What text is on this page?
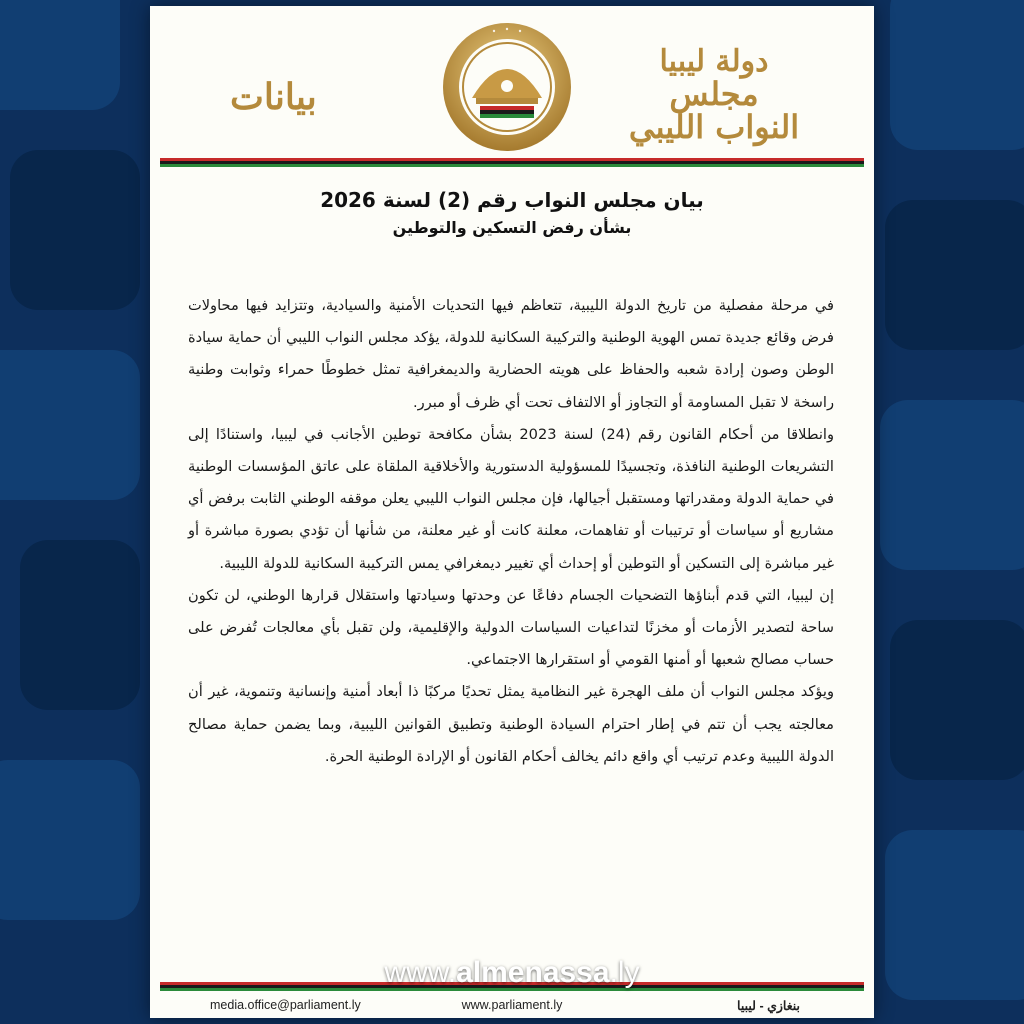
بيانات
دولة ليبيا
مجلس النواب الليبي
بيان مجلس النواب رقم (2) لسنة 2026
بشأن رفض التسكين والتوطين

في مرحلة مفصلية من تاريخ الدولة الليبية، تتعاظم فيها التحديات الأمنية والسيادية، وتتزايد فيها محاولات فرض وقائع جديدة تمس الهوية الوطنية والتركيبة السكانية للدولة، يؤكد مجلس النواب الليبي أن حماية سيادة الوطن وصون إرادة شعبه والحفاظ على هويته الحضارية والديمغرافية تمثل خطوطًا حمراء وثوابت وطنية راسخة لا تقبل المساومة أو التجاوز أو الالتفاف تحت أي ظرف أو مبرر.

وانطلاقا من أحكام القانون رقم (24) لسنة 2023 بشأن مكافحة توطين الأجانب في ليبيا، واستنادًا إلى التشريعات الوطنية النافذة، وتجسيدًا للمسؤولية الدستورية والأخلاقية الملقاة على عاتق المؤسسات الوطنية في حماية الدولة ومقدراتها ومستقبل أجيالها، فإن مجلس النواب الليبي يعلن موقفه الوطني الثابت برفض أي مشاريع أو سياسات أو ترتيبات أو تفاهمات، معلنة كانت أو غير معلنة، من شأنها أن تؤدي بصورة مباشرة أو غير مباشرة إلى التسكين أو التوطين أو إحداث أي تغيير ديمغرافي يمس التركيبة السكانية للدولة الليبية.

إن ليبيا، التي قدم أبناؤها التضحيات الجسام دفاعًا عن وحدتها وسيادتها واستقلال قرارها الوطني، لن تكون ساحة لتصدير الأزمات أو مخزنًا لتداعيات السياسات الدولية والإقليمية، ولن تقبل بأي معالجات تُفرض على حساب مصالح شعبها أو أمنها القومي أو استقرارها الاجتماعي.

ويؤكد مجلس النواب أن ملف الهجرة غير النظامية يمثل تحديًا مركبًا ذا أبعاد أمنية وإنسانية وتنموية، غير أن معالجته يجب أن تتم في إطار احترام السيادة الوطنية وتطبيق القوانين الليبية، وبما يضمن حماية مصالح الدولة الليبية وعدم ترتيب أي واقع دائم يخالف أحكام القانون أو الإرادة الوطنية الحرة.

media.office@parliament.ly	www.parliament.ly	بنغازي - ليبيا
www.almenassa.ly
